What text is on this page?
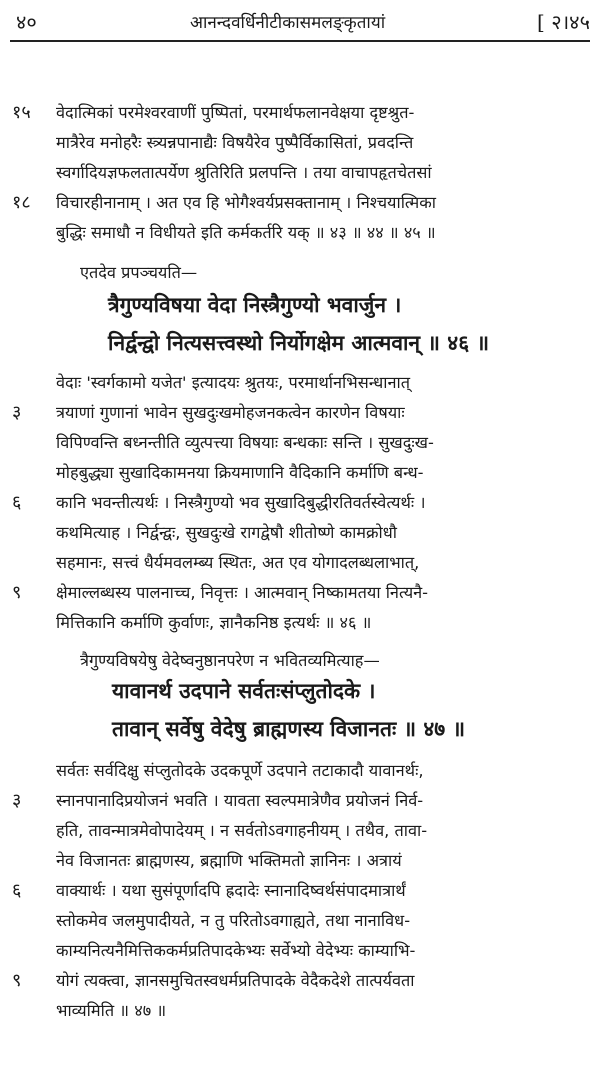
४०	आनन्दवर्धिनीटीकासमलङ्कृतायां	[ २।४५
१५	वेदात्मिकां परमेश्वरवाणीं पुष्पितां, परमार्थफलानवेक्षया दृष्टश्रुत-
मात्रैरेव मनोहरैः स्त्र्यन्नपानाद्यैः विषयैरेव पुष्पैर्विकासितां, प्रवदन्ति
स्वर्गादियज्ञफलतात्पर्येण श्रुतिरिति प्रलपन्ति । तया वाचापहृतचेतसां
१८	विचारहीनानाम् । अत एव हि भोगैश्वर्यप्रसक्तानाम् । निश्चयात्मिका
बुद्धिः समाधौ न विधीयते इति कर्मकर्तरि यक् ॥ ४३ ॥ ४४ ॥ ४५ ॥
एतदेव प्रपञ्चयति—
त्रैगुण्यविषया वेदा निस्त्रैगुण्यो भवार्जुन ।
निर्द्वन्द्वो नित्यसत्त्वस्थो निर्योगक्षेम आत्मवान् ॥ ४६ ॥
वेदाः 'स्वर्गकामो यजेत' इत्यादयः श्रुतयः, परमार्थानभिसन्धानात्
३	त्रयाणां गुणानां भावेन सुखदुःखमोहजनकत्वेन कारणेन विषयाः
विपिण्वन्ति बध्नन्तीति व्युत्पत्त्या विषयाः बन्धकाः सन्ति । सुखदुःख-
मोहबुद्ध्या सुखादिकामनया क्रियमाणानि वैदिकानि कर्माणि बन्ध-
६	कानि भवन्तीत्यर्थः । निस्त्रैगुण्यो भव सुखादिबुद्धीरतिवर्तस्वेत्यर्थः ।
कथमित्याह । निर्द्वन्द्वः, सुखदुःखे रागद्वेषौ शीतोष्णे कामक्रोधौ
सहमानः, सत्त्वं धैर्यमवलम्ब्य स्थितः, अत एव योगादलब्धलाभात्,
९	क्षेमाल्लब्धस्य पालनाच्च, निवृत्तः । आत्मवान् निष्कामतया नित्यनै-
मित्तिकानि कर्माणि कुर्वाणः, ज्ञानैकनिष्ठ इत्यर्थः ॥ ४६ ॥
त्रैगुण्यविषयेषु वेदेष्वनुष्ठानपरेण न भवितव्यमित्याह—
यावानर्थ उदपाने सर्वतःसंप्लुतोदके ।
तावान् सर्वेषु वेदेषु ब्राह्मणस्य विजानतः ॥ ४७ ॥
सर्वतः सर्वदिक्षु संप्लुतोदके उदकपूर्णे उदपाने तटाकादौ यावानर्थः,
३	स्नानपानादिप्रयोजनं भवति । यावता स्वल्पमात्रेणैव प्रयोजनं निर्व-
हति, तावन्मात्रमेवोपादेयम् । न सर्वतोऽवगाहनीयम् । तथैव, तावा-
नेव विजानतः ब्राह्मणस्य, ब्रह्माणि भक्तिमतो ज्ञानिनः । अत्रायं
६	वाक्यार्थः । यथा सुसंपूर्णादपि ह्रदादेः स्नानादिष्वर्थसंपादमात्रार्थं
स्तोकमेव जलमुपादीयते, न तु परितोऽवगाह्यते, तथा नानाविध-
काम्यनित्यनैमित्तिककर्मप्रतिपादकेभ्यः सर्वेभ्यो वेदेभ्यः काम्याभि-
९	योगं त्यक्त्वा, ज्ञानसमुचितस्वधर्मप्रतिपादके वेदैकदेशे तात्पर्यवता
भाव्यमिति ॥ ४७ ॥
